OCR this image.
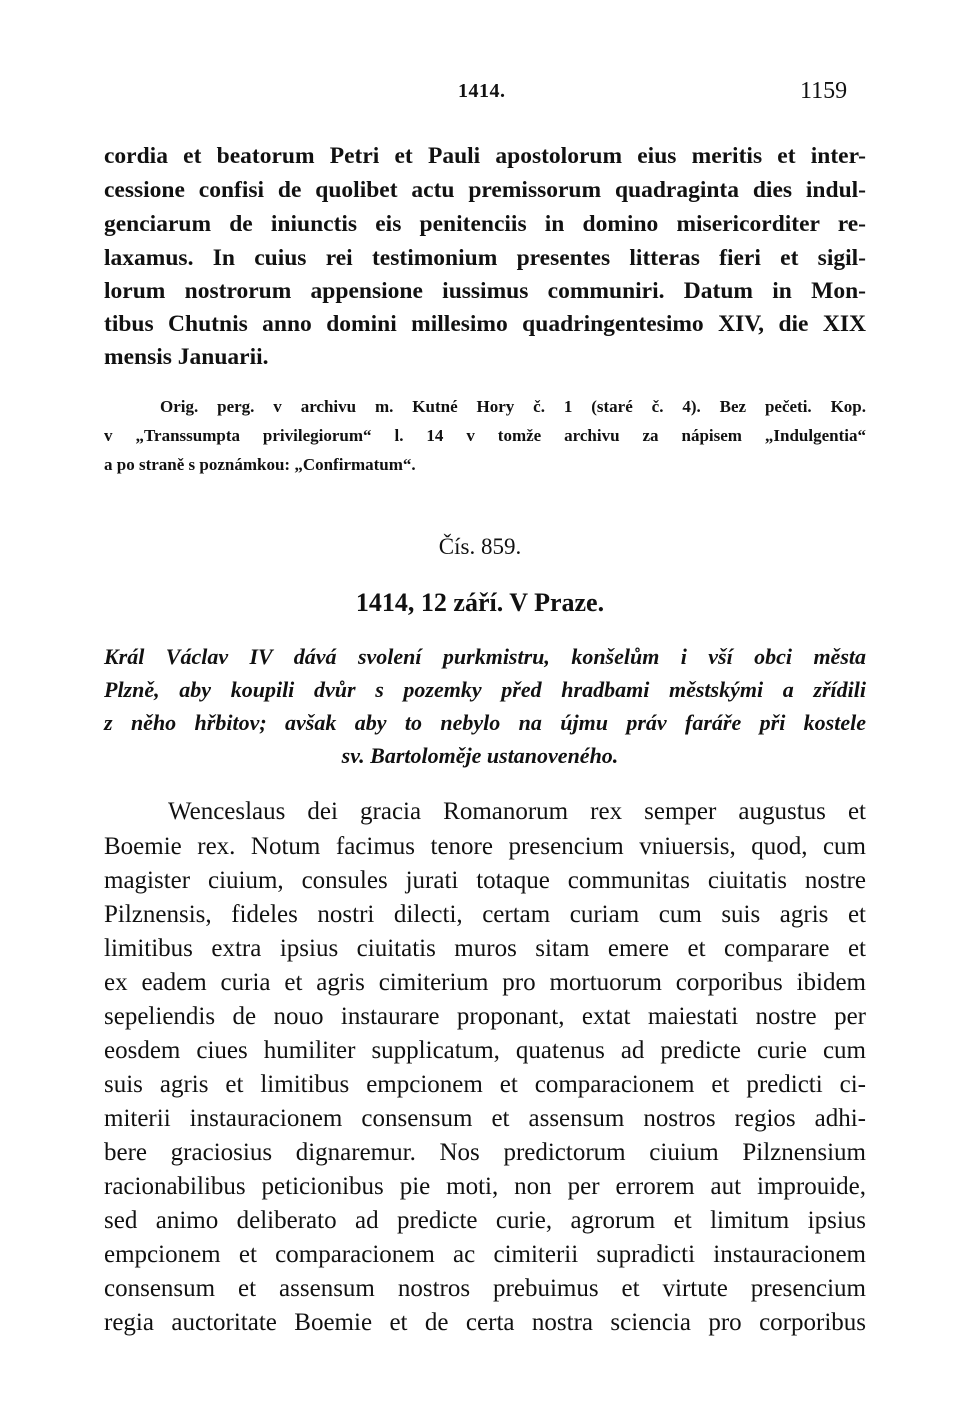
1414.	1159
cordia et beatorum Petri et Pauli apostolorum eius meritis et inter-
cessione confisi de quolibet actu premissorum quadraginta dies indul-
genciarum de iniunctis eis penitenciis in domino misericorditer re-
laxamus. In cuius rei testimonium presentes litteras fieri et sigil-
lorum nostrorum appensione iussimus communiri. Datum in Mon-
tibus Chutnis anno domini millesimo quadringentesimo XIV, die XIX
mensis Januarii.
Orig. perg. v archivu m. Kutné Hory č. 1 (staré č. 4). Bez pečeti. Kop.
v „Transsumpta privilegiorum“ l. 14 v tomže archivu za nápisem „Indulgentia“
a po straně s poznámkou: „Confirmatum“.
Čís. 859.
1414, 12 září. V Praze.
Král Václav IV dává svolení purkmistru, konšelům i vší obci města
Plzně, aby koupili dvůr s pozemky před hradbami městskými a zřídili
z něho hřbitov; avšak aby to nebylo na újmu práv faráře při kostele
sv. Bartoloměje ustanoveného.
Wenceslaus dei gracia Romanorum rex semper augustus et
Boemie rex. Notum facimus tenore presencium vniuersis, quod, cum
magister ciuium, consules jurati totaque communitas ciuitatis nostre
Pilznensis, fideles nostri dilecti, certam curiam cum suis agris et
limitibus extra ipsius ciuitatis muros sitam emere et comparare et
ex eadem curia et agris cimiterium pro mortuorum corporibus ibidem
sepeliendis de nouo instaurare proponant, extat maiestati nostre per
eosdem ciues humiliter supplicatum, quatenus ad predicte curie cum
suis agris et limitibus empcionem et comparacionem et predicti ci-
miterii instauracionem consensum et assensum nostros regios adhi-
bere graciosius dignaremur. Nos predictorum ciuium Pilznensium
racionabilibus peticionibus pie moti, non per errorem aut improuide,
sed animo deliberato ad predicte curie, agrorum et limitum ipsius
empcionem et comparacionem ac cimiterii supradicti instauracionem
consensum et assensum nostros prebuimus et virtute presencium
regia auctoritate Boemie et de certa nostra sciencia pro corporibus
